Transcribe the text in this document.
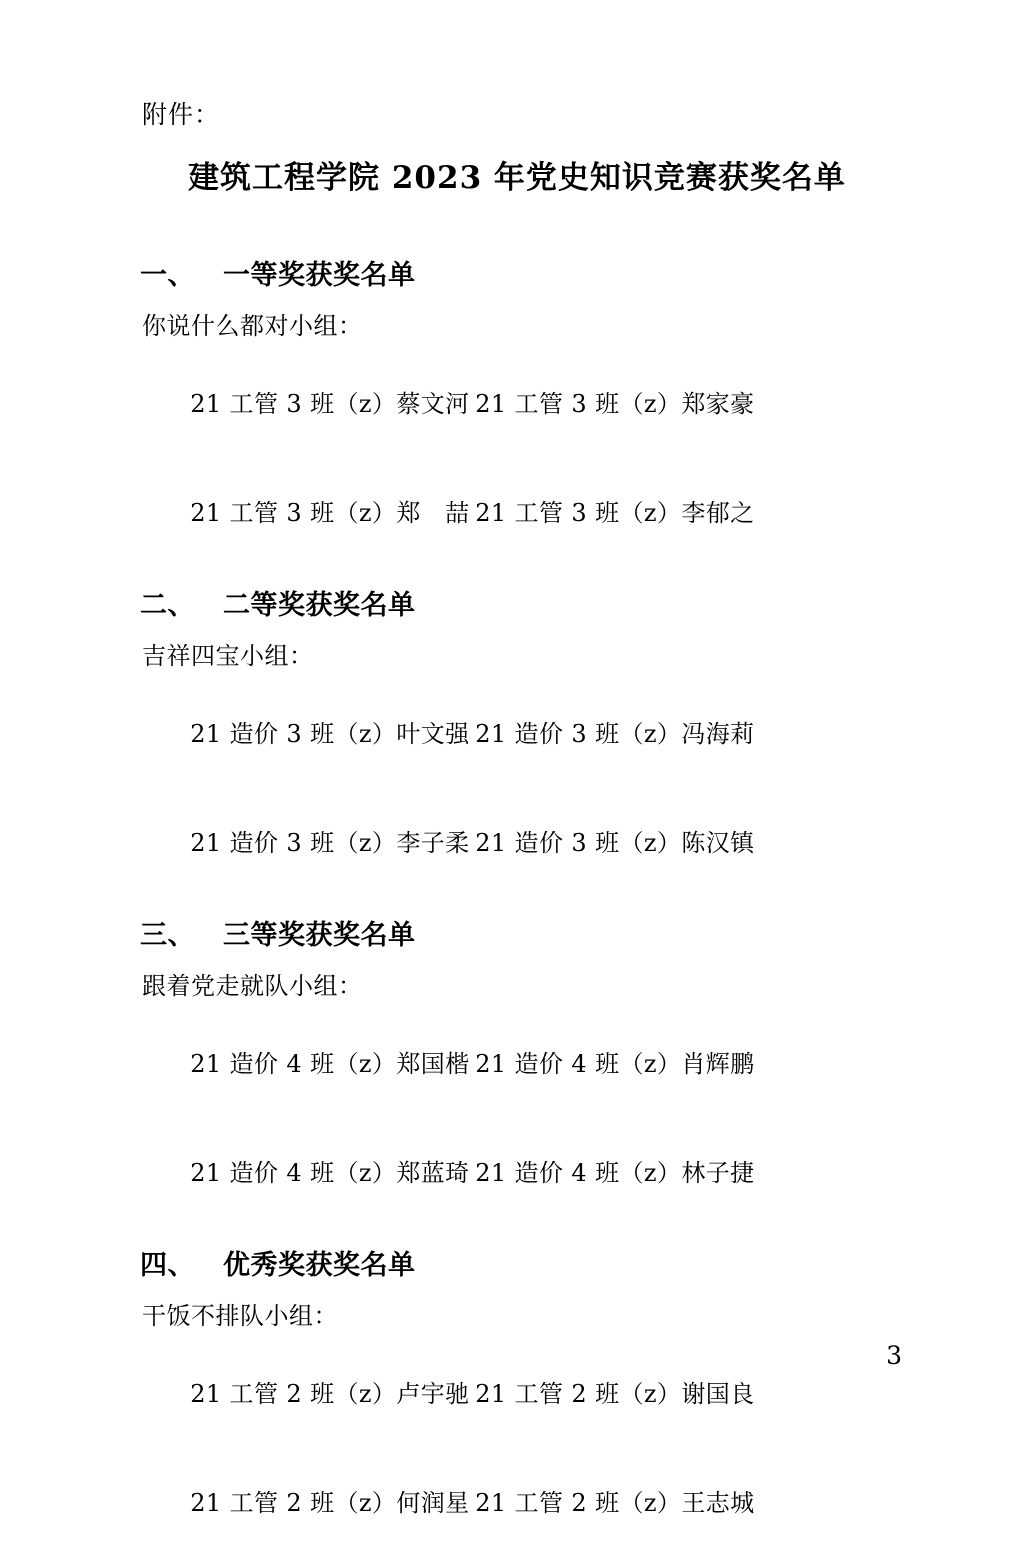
附件：
建筑工程学院 2023 年党史知识竞赛获奖名单
一、 一等奖获奖名单
你说什么都对小组：

21 工管 3 班（z）蔡文河 21 工管 3 班（z）郑家豪

21 工管 3 班（z）郑　喆 21 工管 3 班（z）李郁之

二、 二等奖获奖名单
吉祥四宝小组：

21 造价 3 班（z）叶文强 21 造价 3 班（z）冯海莉

21 造价 3 班（z）李子柔 21 造价 3 班（z）陈汉镇

三、 三等奖获奖名单
跟着党走就队小组：

21 造价 4 班（z）郑国楷 21 造价 4 班（z）肖辉鹏

21 造价 4 班（z）郑蓝琦 21 造价 4 班（z）林子捷

四、 优秀奖获奖名单
干饭不排队小组：

21 工管 2 班（z）卢宇驰 21 工管 2 班（z）谢国良

21 工管 2 班（z）何润星 21 工管 2 班（z）王志城

3
